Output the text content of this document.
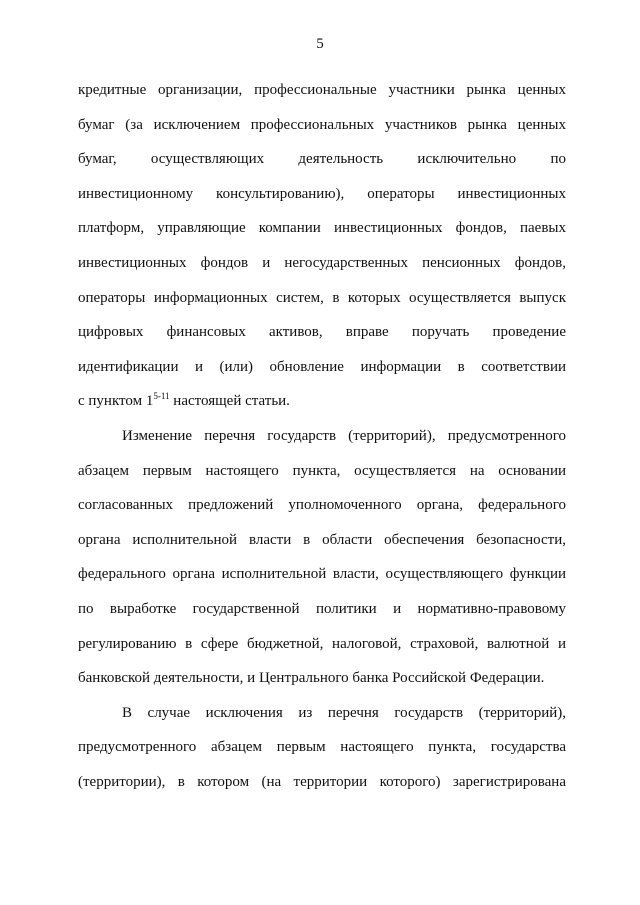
5
кредитные организации, профессиональные участники рынка ценных
бумаг (за исключением профессиональных участников рынка ценных
бумаг, осуществляющих деятельность исключительно по
инвестиционному консультированию), операторы инвестиционных
платформ, управляющие компании инвестиционных фондов, паевых
инвестиционных фондов и негосударственных пенсионных фондов,
операторы информационных систем, в которых осуществляется выпуск
цифровых финансовых активов, вправе поручать проведение
идентификации и (или) обновление информации в соответствии
с пунктом 1$^{5-11}$ настоящей статьи.
Изменение перечня государств (территорий), предусмотренного
абзацем первым настоящего пункта, осуществляется на основании
согласованных предложений уполномоченного органа, федерального
органа исполнительной власти в области обеспечения безопасности,
федерального органа исполнительной власти, осуществляющего функции
по выработке государственной политики и нормативно-правовому
регулированию в сфере бюджетной, налоговой, страховой, валютной и
банковской деятельности, и Центрального банка Российской Федерации.
В случае исключения из перечня государств (территорий),
предусмотренного абзацем первым настоящего пункта, государства
(территории), в котором (на территории которого) зарегистрирована
